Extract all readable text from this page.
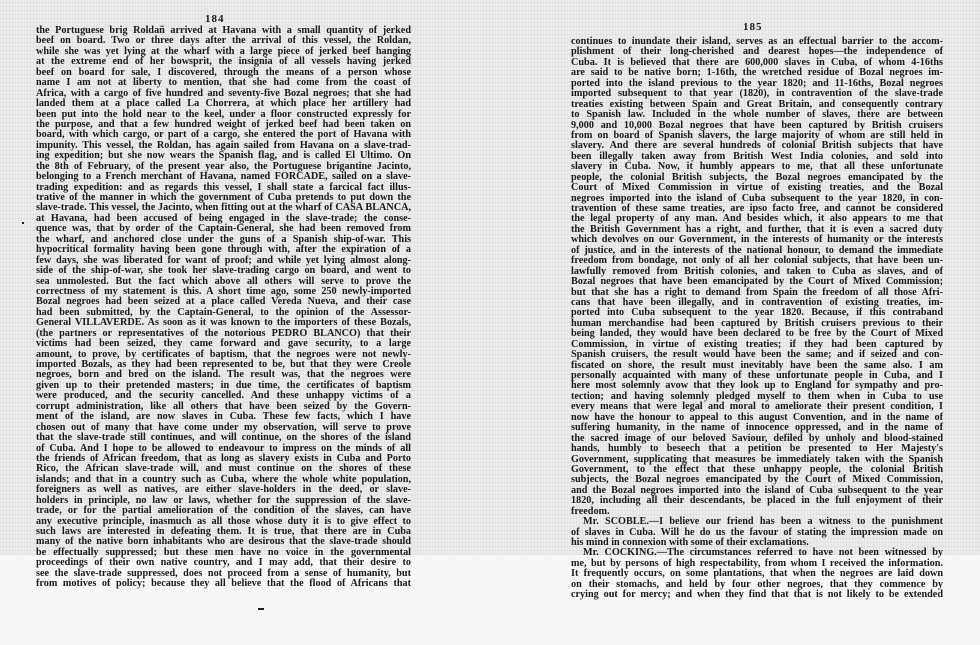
184
the Portuguese brig Roldañ arrived at Havana with a small quantity of jerked
beef on board. Two or three days after the arrival of this vessel, the Roldan,
while she was yet lying at the wharf with a large piece of jerked beef hanging
at the extreme end of her bowsprit, the insignia of all vessels having jerked
beef on board for sale, I discovered, through the means of a person whose
name I am not at liberty to mention, that she had come from the coast of
Africa, with a cargo of five hundred and seventy-five Bozal negroes; that she had
landed them at a place called La Chorrera, at which place her artillery had
been put into the hold near to the keel, under a floor constructed expressly for
the purpose, and that a few hundred weight of jerked beef had been taken on
board, with which cargo, or part of a cargo, she entered the port of Havana with
impunity. This vessel, the Roldan, has again sailed from Havana on a slave-trad-
ing expedition; but she now wears the Spanish flag, and is called El Ultimo. On
the 8th of February, of the present year also, the Portuguese brigantine Jacinto,
belonging to a French merchant of Havana, named FORCADE, sailed on a slave-
trading expedition: and as regards this vessel, I shall state a farcical fact illus-
trative of the manner in which the government of Cuba pretends to put down the
slave-trade. This vessel, the Jacinto, when fitting out at the wharf of CASA BLANCA,
at Havana, had been accused of being engaged in the slave-trade; the conse-
quence was, that by order of the Captain-General, she had been removed from
the wharf, and anchored close under the guns of a Spanish ship-of-war. This
hypocritical formality having been gone through with, after the expiration of a
few days, she was liberated for want of proof; and while yet lying almost along-
side of the ship-of-war, she took her slave-trading cargo on board, and went to
sea unmolested. But the fact which above all others will serve to prove the
correctness of my statement is this. A short time ago, some 250 newly-imported
Bozal negroes had been seized at a place called Vereda Nueva, and their case
had been submitted, by the Captain-General, to the opinion of the Assessor-
General VILLAVERDE. As soon as it was known to the importers of these Bozals,
(the partners or representatives of the notorious PEDRO BLANCO) that their
victims had been seized, they came forward and gave security, to a large
amount, to prove, by certificates of baptism, that the negroes were not newly-
imported Bozals, as they had been represented to be, but that they were Creole
negroes, born and bred on the island. The result was, that the negroes were
given up to their pretended masters; in due time, the certificates of baptism
were produced, and the security cancelled. And these unhappy victims of a
corrupt administration, like all others that have been seized by the Govern-
ment of the island, are now slaves in Cuba. These few facts, which I have
chosen out of many that have come under my observation, will serve to prove
that the slave-trade still continues, and will continue, on the shores of the island
of Cuba. And I hope to be allowed to endeavour to impress on the minds of all
the friends of African freedom, that as long as slavery exists in Cuba and Porto
Rico, the African slave-trade will, and must continue on the shores of these
islands; and that in a country such as Cuba, where the whole white population,
foreigners as well as natives, are either slave-holders in the deed, or slave-
holders in principle, no law or laws, whether for the suppression of the slave-
trade, or for the partial amelioration of the condition of the slaves, can have
any executive principle, inasmuch as all those whose duty it is to give effect to
such laws are interested in defeating them. It is true, that there are in Cuba
many of the native born inhabitants who are desirous that the slave-trade should
be effectually suppressed; but these men have no voice in the governmental
proceedings of their own native country, and I may add, that their desire to
see the slave-trade suppressed, does not proceed from a sense of humanity, but
from motives of policy; because they all believe that the flood of Africans that
185
continues to inundate their island, serves as an effectual barrier to the accom-
plishment of their long-cherished and dearest hopes—the independence of
Cuba. It is believed that there are 600,000 slaves in Cuba, of whom 4-16ths
are said to be native born; 1-16th, the wretched residue of Bozal negroes im-
ported into the island previous to the year 1820; and 11-16ths, Bozal negroes
imported subsequent to that year (1820), in contravention of the slave-trade
treaties existing between Spain and Great Britain, and consequently contrary
to Spanish law. Included in the whole number of slaves, there are between
9,000 and 10,000 Bozal negroes that have been captured by British cruisers
from on board of Spanish slavers, the large majority of whom are still held in
slavery. And there are several hundreds of colonial British subjects that have
been illegally taken away from British West India colonies, and sold into
slavery in Cuba. Now, it humbly appears to me, that all these unfortunate
people, the colonial British subjects, the Bozal negroes emancipated by the
Court of Mixed Commission in virtue of existing treaties, and the Bozal
negroes imported into the island of Cuba subsequent to the year 1820, in con-
travention of these same treaties, are ipso facto free, and cannot be considered
the legal property of any man. And besides which, it also appears to me that
the British Government has a right, and further, that it is even a sacred duty
which devolves on our Government, in the interests of humanity or the interests
of justice, and in the interests of the national honour, to demand the immediate
freedom from bondage, not only of all her colonial subjects, that have been un-
lawfully removed from British colonies, and taken to Cuba as slaves, and of
Bozal negroes that have been emancipated by the Court of Mixed Commission;
but that she has a right to demand from Spain the freedom of all those Afri-
cans that have been illegally, and in contravention of existing treaties, im-
ported into Cuba subsequent to the year 1820. Because, if this contraband
human merchandise had been captured by British cruisers previous to their
being landed, they would have been declared to be free by the Court of Mixed
Commission, in virtue of existing treaties; if they had been captured by
Spanish cruisers, the result would have been the same; and if seized and con-
fiscated on shore, the result must inevitably have been the same also. I am
personally acquainted with many of these unfortunate people in Cuba, and I
here most solemnly avow that they look up to England for sympathy and pro-
tection; and having solemnly pledged myself to them when in Cuba to use
every means that were legal and moral to ameliorate their present condition, I
now have the honour to appeal to this august Convention, and in the name of
suffering humanity, in the name of innocence oppressed, and in the name of
the sacred image of our beloved Saviour, defiled by unholy and blood-stained
hands, humbly to beseech that a petition be presented to Her Majesty's
Government, supplicating that measures be immediately taken with the Spanish
Government, to the effect that these unhappy people, the colonial British
subjects, the Bozal negroes emancipated by the Court of Mixed Commission,
and the Bozal negroes imported into the island of Cuba subsequent to the year
1820, including all their descendants, be placed in the full enjoyment of their
freedom.
Mr. SCOBLE.—I believe our friend has been a witness to the punishment
of slaves in Cuba. Will he do us the favour of stating the impression made on
his mind in connexion with some of their exclamations.
Mr. COCKING.—The circumstances referred to have not been witnessed by
me, but by persons of high respectability, from whom I received the information.
It frequently occurs, on some plantations, that when the negroes are laid down
on their stomachs, and held by four other negroes, that they commence by
crying out for mercy; and when they find that that is not likely to be extended
